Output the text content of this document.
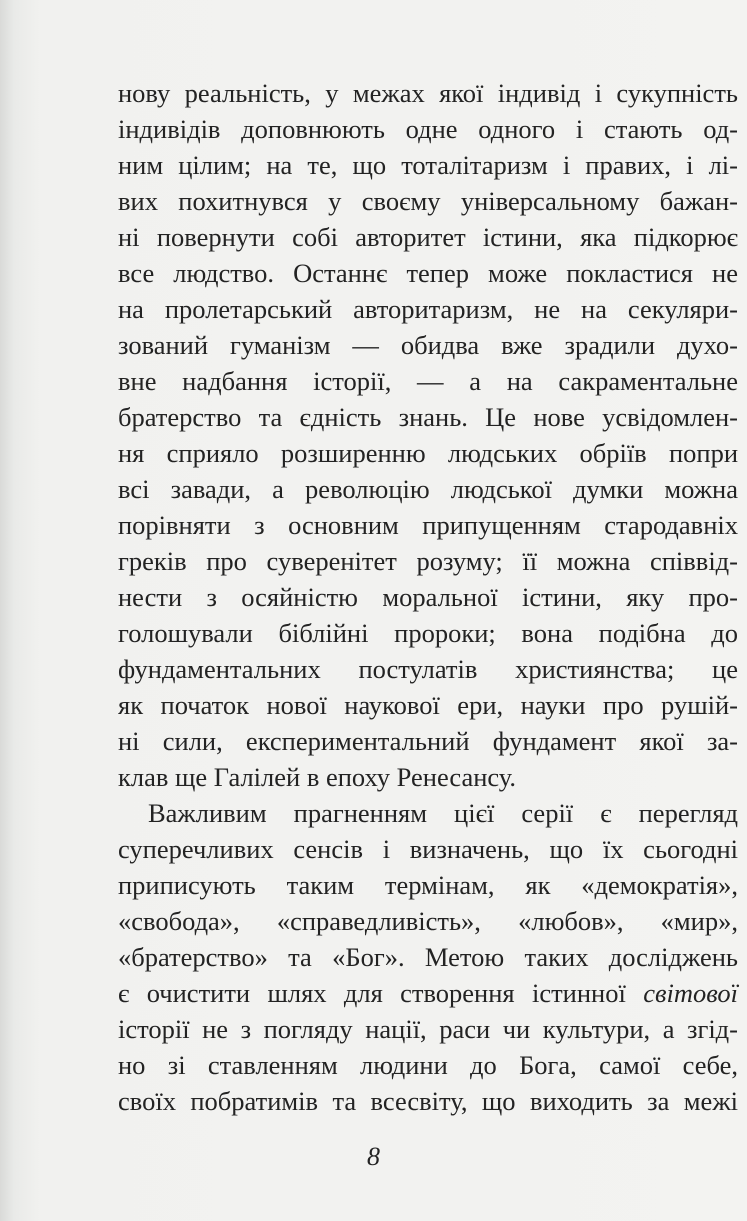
нову реальність, у межах якої індивід і сукупність
індивідів доповнюють одне одного і стають од-
ним цілим; на те, що тоталітаризм і правих, і лі-
вих похитнувся у своєму універсальному бажан-
ні повернути собі авторитет істини, яка підкорює
все людство. Останнє тепер може покластися не
на пролетарський авторитаризм, не на секуляри-
зований гуманізм — обидва вже зрадили духо-
вне надбання історії, — а на сакраментальне
братерство та єдність знань. Це нове усвідомлен-
ня сприяло розширенню людських обріїв попри
всі завади, а революцію людської думки можна
порівняти з основним припущенням стародавніх
греків про суверенітет розуму; її можна співвід-
нести з осяйністю моральної істини, яку про-
голошували біблійні пророки; вона подібна до
фундаментальних постулатів християнства; це
як початок нової наукової ери, науки про рушій-
ні сили, експериментальний фундамент якої за-
клав ще Галілей в епоху Ренесансу.
Важливим прагненням цієї серії є перегляд
суперечливих сенсів і визначень, що їх сьогодні
приписують таким термінам, як «демократія»,
«свобода», «справедливість», «любов», «мир»,
«братерство» та «Бог». Метою таких досліджень
є очистити шлях для створення істинної світової
історії не з погляду нації, раси чи культури, а згід-
но зі ставленням людини до Бога, самої себе,
своїх побратимів та всесвіту, що виходить за межі
8
